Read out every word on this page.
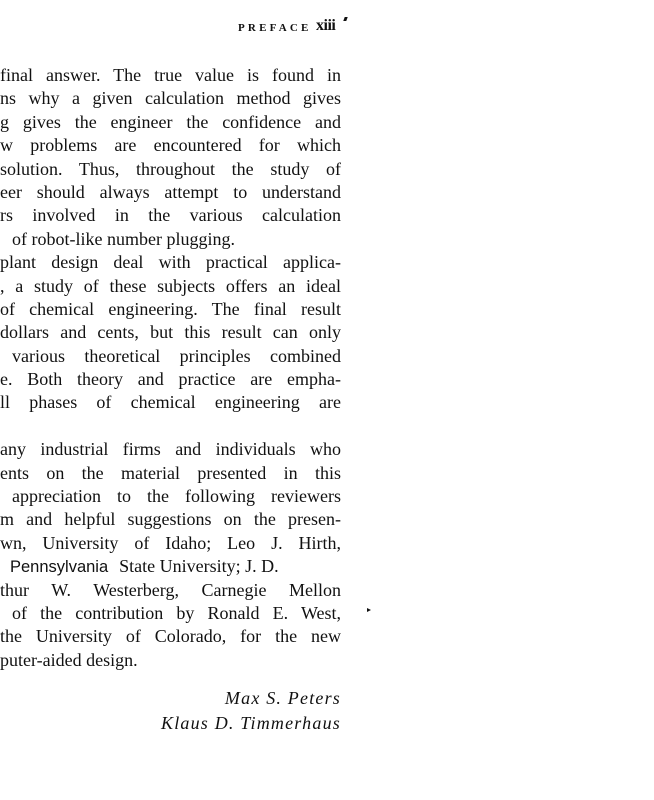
PREFACE xiii
final answer. The true value is found in
ns why a given calculation method gives
g gives the engineer the confidence and
w problems are encountered for which
solution. Thus, throughout the study of
eer should always attempt to understand
rs involved in the various calculation
of robot-like number plugging.
plant design deal with practical applica-
, a study of these subjects offers an ideal
of chemical engineering. The final result
dollars and cents, but this result can only
various theoretical principles combined
e. Both theory and practice are empha-
ll phases of chemical engineering are
any industrial firms and individuals who
ents on the material presented in this
appreciation to the following reviewers
m and helpful suggestions on the presen-
wn, University of Idaho; Leo J. Hirth,
Pennsylvania State University; J. D.
thur W. Westerberg, Carnegie Mellon
of the contribution by Ronald E. West,
the University of Colorado, for the new
puter-aided design.
Max S. Peters
Klaus D. Timmerhaus
